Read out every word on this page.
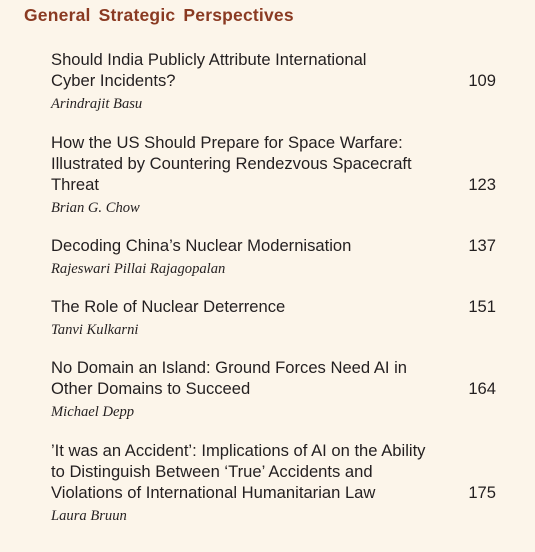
General Strategic Perspectives
Should India Publicly Attribute International
Cyber Incidents?
Arindrajit Basu
109
How the US Should Prepare for Space Warfare:
Illustrated by Countering Rendezvous Spacecraft
Threat
Brian G. Chow
123
Decoding China’s Nuclear Modernisation
Rajeswari Pillai Rajagopalan
137
The Role of Nuclear Deterrence
Tanvi Kulkarni
151
No Domain an Island: Ground Forces Need AI in
Other Domains to Succeed
Michael Depp
164
’It was an Accident’: Implications of AI on the Ability
to Distinguish Between ‘True’ Accidents and
Violations of International Humanitarian Law
Laura Bruun
175
